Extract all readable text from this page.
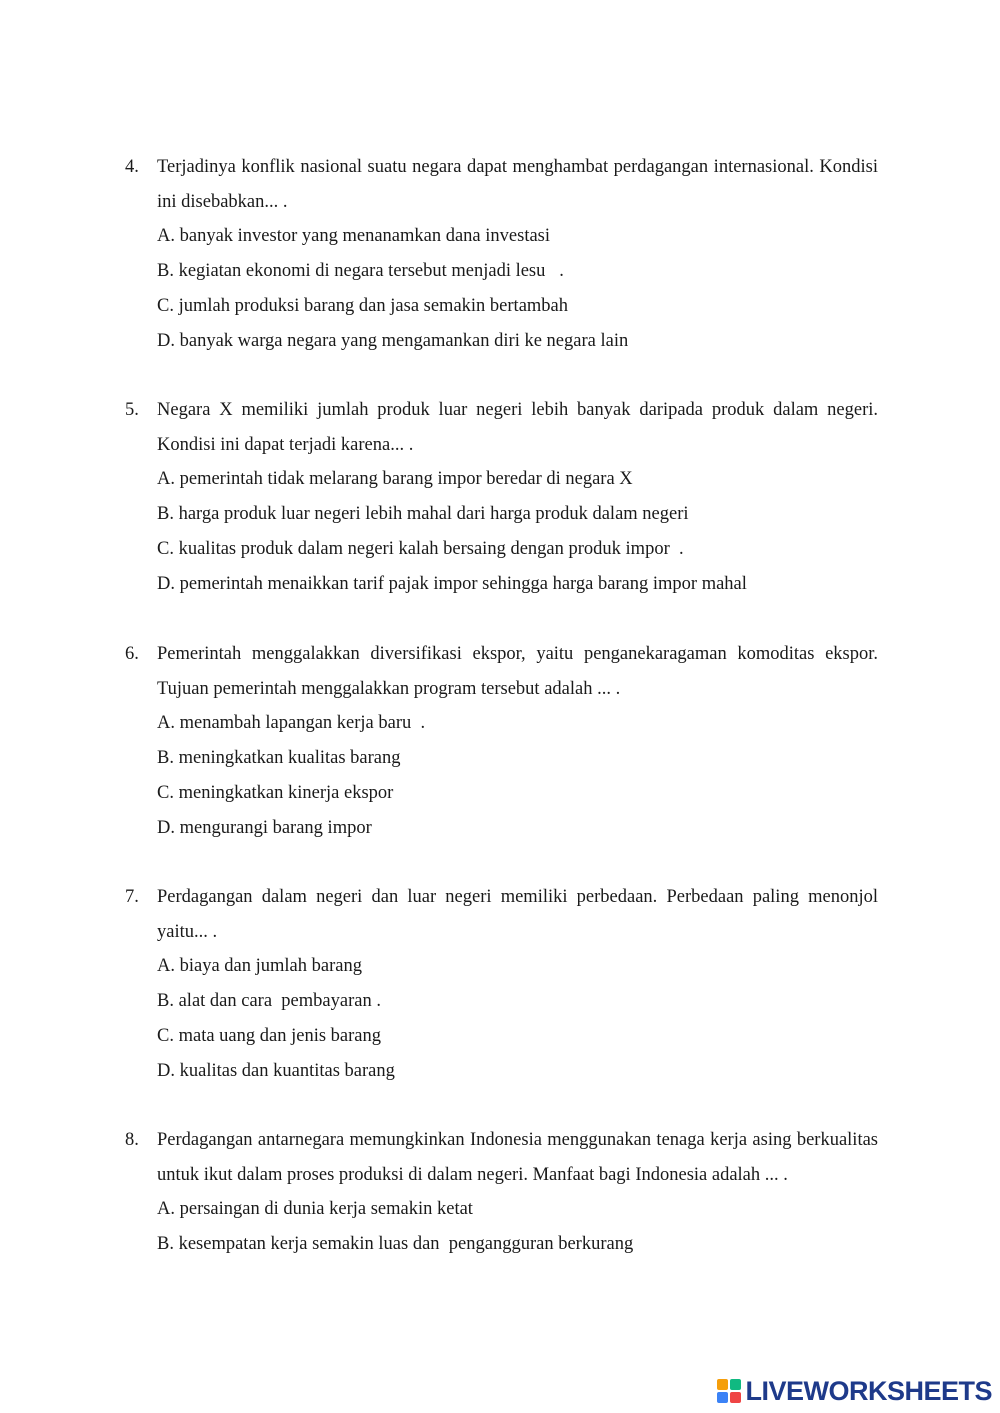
4. Terjadinya konflik nasional suatu negara dapat menghambat perdagangan internasional. Kondisi ini disebabkan... .
A. banyak investor yang menanamkan dana investasi
B. kegiatan ekonomi di negara tersebut menjadi lesu   .
C. jumlah produksi barang dan jasa semakin bertambah
D. banyak warga negara yang mengamankan diri ke negara lain
5. Negara X memiliki jumlah produk luar negeri lebih banyak daripada produk dalam negeri. Kondisi ini dapat terjadi karena... .
A. pemerintah tidak melarang barang impor beredar di negara X
B. harga produk luar negeri lebih mahal dari harga produk dalam negeri
C. kualitas produk dalam negeri kalah bersaing dengan produk impor  .
D. pemerintah menaikkan tarif pajak impor sehingga harga barang impor mahal
6. Pemerintah menggalakkan diversifikasi ekspor, yaitu penganekaragaman komoditas ekspor. Tujuan pemerintah menggalakkan program tersebut adalah ... .
A. menambah lapangan kerja baru  .
B. meningkatkan kualitas barang
C. meningkatkan kinerja ekspor
D. mengurangi barang impor
7. Perdagangan dalam negeri dan luar negeri memiliki perbedaan. Perbedaan paling menonjol yaitu... .
A. biaya dan jumlah barang
B. alat dan cara  pembayaran .
C. mata uang dan jenis barang
D. kualitas dan kuantitas barang
8. Perdagangan antarnegara memungkinkan Indonesia menggunakan tenaga kerja asing berkualitas untuk ikut dalam proses produksi di dalam negeri. Manfaat bagi Indonesia adalah ... .
A. persaingan di dunia kerja semakin ketat
B. kesempatan kerja semakin luas dan  pengangguran berkurang
LIVEWORKSHEETS
